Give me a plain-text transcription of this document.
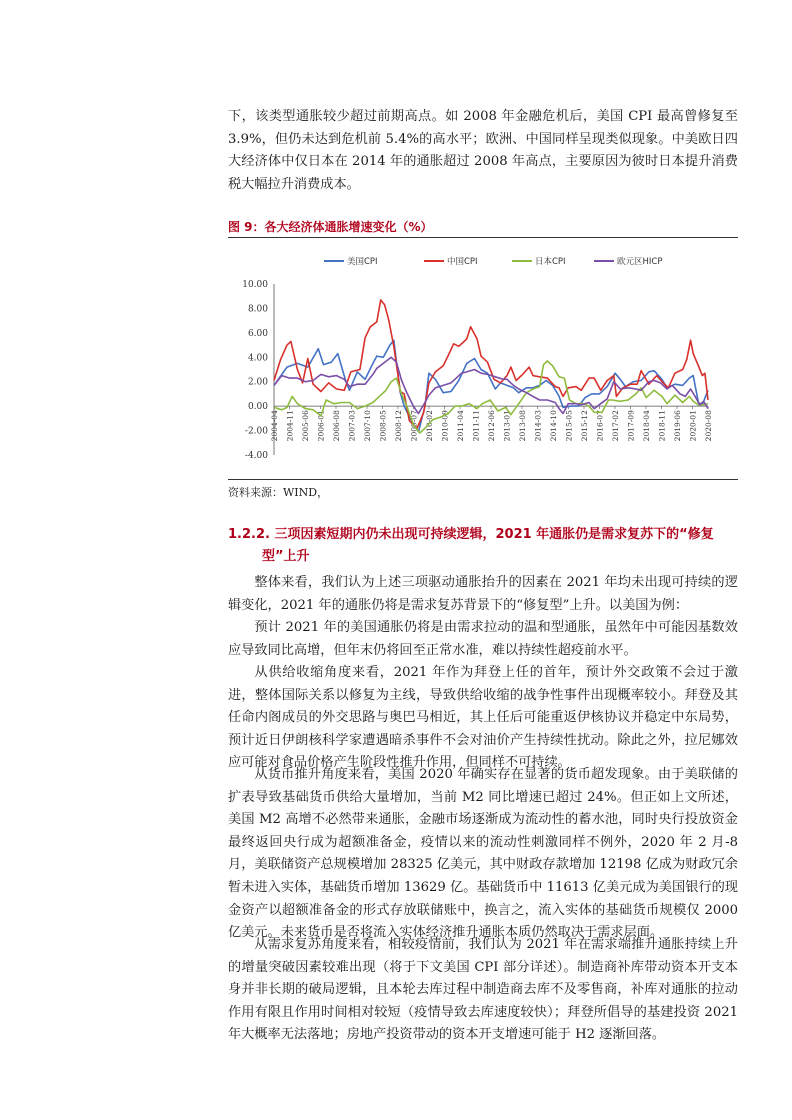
下，该类型通胀较少超过前期高点。如 2008 年金融危机后，美国 CPI 最高曾修复至 3.9%，但仍未达到危机前 5.4%的高水平；欧洲、中国同样呈现类似现象。中美欧日四大经济体中仅日本在 2014 年的通胀超过 2008 年高点，主要原因为彼时日本提升消费税大幅拉升消费成本。

图 9：各大经济体通胀增速变化（%）
美国CPI	中国CPI	日本CPI	欧元区HICP
10.00
8.00
6.00
4.00
2.00
0.00
-2.00
-4.00
2004-04 2004-11 2005-06 2006-01 2006-08 2007-03 2007-10 2008-05 2008-12 2009-07 2010-02 2010-09 2011-04 2011-11 2012-06 2013-01 2013-08 2014-03 2014-10 2015-05 2015-12 2016-07 2017-02 2017-09 2018-04 2018-11 2019-06 2020-01 2020-08
资料来源：WIND，
1.2.2. 三项因素短期内仍未出现可持续逻辑，2021 年通胀仍是需求复苏下的“修复
型”上升

整体来看，我们认为上述三项驱动通胀抬升的因素在 2021 年均未出现可持续的逻辑变化，2021 年的通胀仍将是需求复苏背景下的“修复型”上升。以美国为例：

预计 2021 年的美国通胀仍将是由需求拉动的温和型通胀，虽然年中可能因基数效应导致同比高增，但年末仍将回至正常水准，难以持续性超疫前水平。

从供给收缩角度来看，2021 年作为拜登上任的首年，预计外交政策不会过于激进，整体国际关系以修复为主线，导致供给收缩的战争性事件出现概率较小。拜登及其任命内阁成员的外交思路与奥巴马相近，其上任后可能重返伊核协议并稳定中东局势，预计近日伊朗核科学家遭遇暗杀事件不会对油价产生持续性扰动。除此之外，拉尼娜效应可能对食品价格产生阶段性推升作用，但同样不可持续。

从货币推升角度来看，美国 2020 年确实存在显著的货币超发现象。由于美联储的扩表导致基础货币供给大量增加，当前 M2 同比增速已超过 24%。但正如上文所述，美国 M2 高增不必然带来通胀，金融市场逐渐成为流动性的蓄水池，同时央行投放资金最终返回央行成为超额准备金，疫情以来的流动性刺激同样不例外，2020 年 2 月-8 月，美联储资产总规模增加 28325 亿美元，其中财政存款增加 12198 亿成为财政冗余暂未进入实体，基础货币增加 13629 亿。基础货币中 11613 亿美元成为美国银行的现金资产以超额准备金的形式存放联储账中，换言之，流入实体的基础货币规模仅 2000 亿美元。未来货币是否将流入实体经济推升通胀本质仍然取决于需求层面。

从需求复苏角度来看，相较疫情前，我们认为 2021 年在需求端推升通胀持续上升的增量突破因素较难出现（将于下文美国 CPI 部分详述）。制造商补库带动资本开支本身并非长期的破局逻辑，且本轮去库过程中制造商去库不及零售商，补库对通胀的拉动作用有限且作用时间相对较短（疫情导致去库速度较快）；拜登所倡导的基建投资 2021 年大概率无法落地；房地产投资带动的资本开支增速可能于 H2 逐渐回落。
